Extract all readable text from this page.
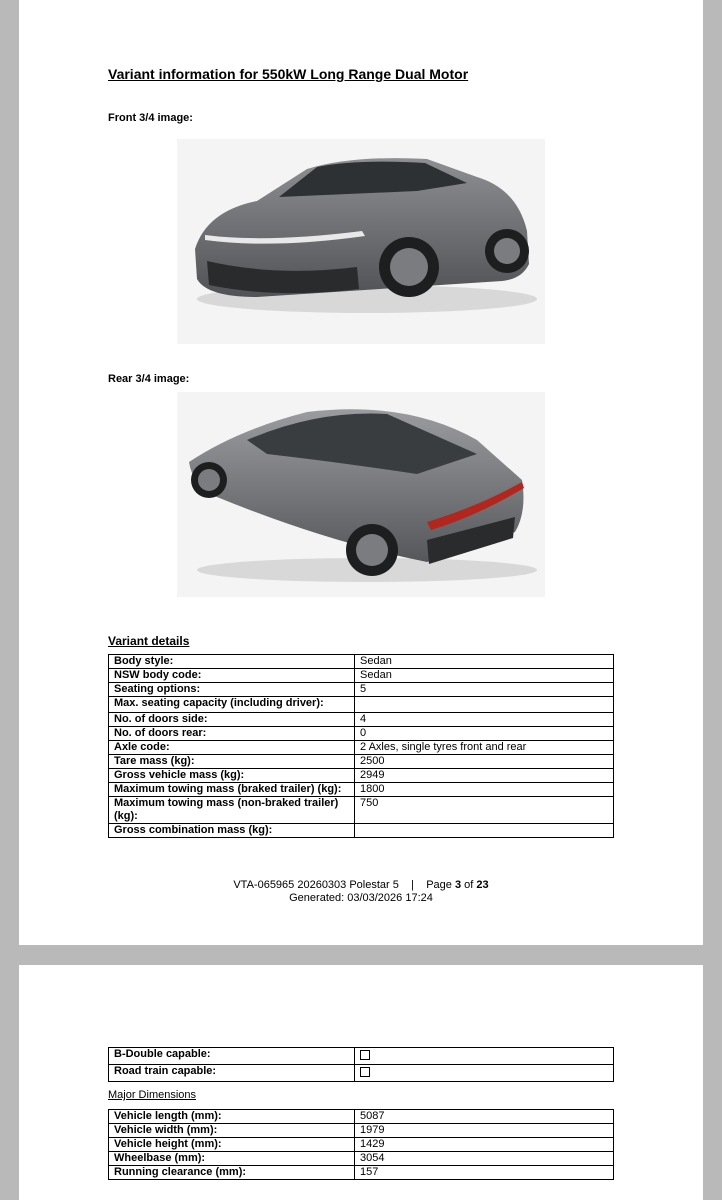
Variant information for 550kW Long Range Dual Motor
Front 3/4 image:
Rear 3/4 image:
Variant details
Body style:	Sedan
NSW body code:	Sedan
Seating options:	5
Max. seating capacity (including driver):	
No. of doors side:	4
No. of doors rear:	0
Axle code:	2 Axles, single tyres front and rear
Tare mass (kg):	2500
Gross vehicle mass (kg):	2949
Maximum towing mass (braked trailer) (kg):	1800
Maximum towing mass (non-braked trailer) (kg):	750
Gross combination mass (kg):	
VTA-065965 20260303 Polestar 5 | Page 3 of 23
Generated: 03/03/2026 17:24
B-Double capable:	
Road train capable:	
Major Dimensions
Vehicle length (mm):	5087
Vehicle width (mm):	1979
Vehicle height (mm):	1429
Wheelbase (mm):	3054
Running clearance (mm):	157
